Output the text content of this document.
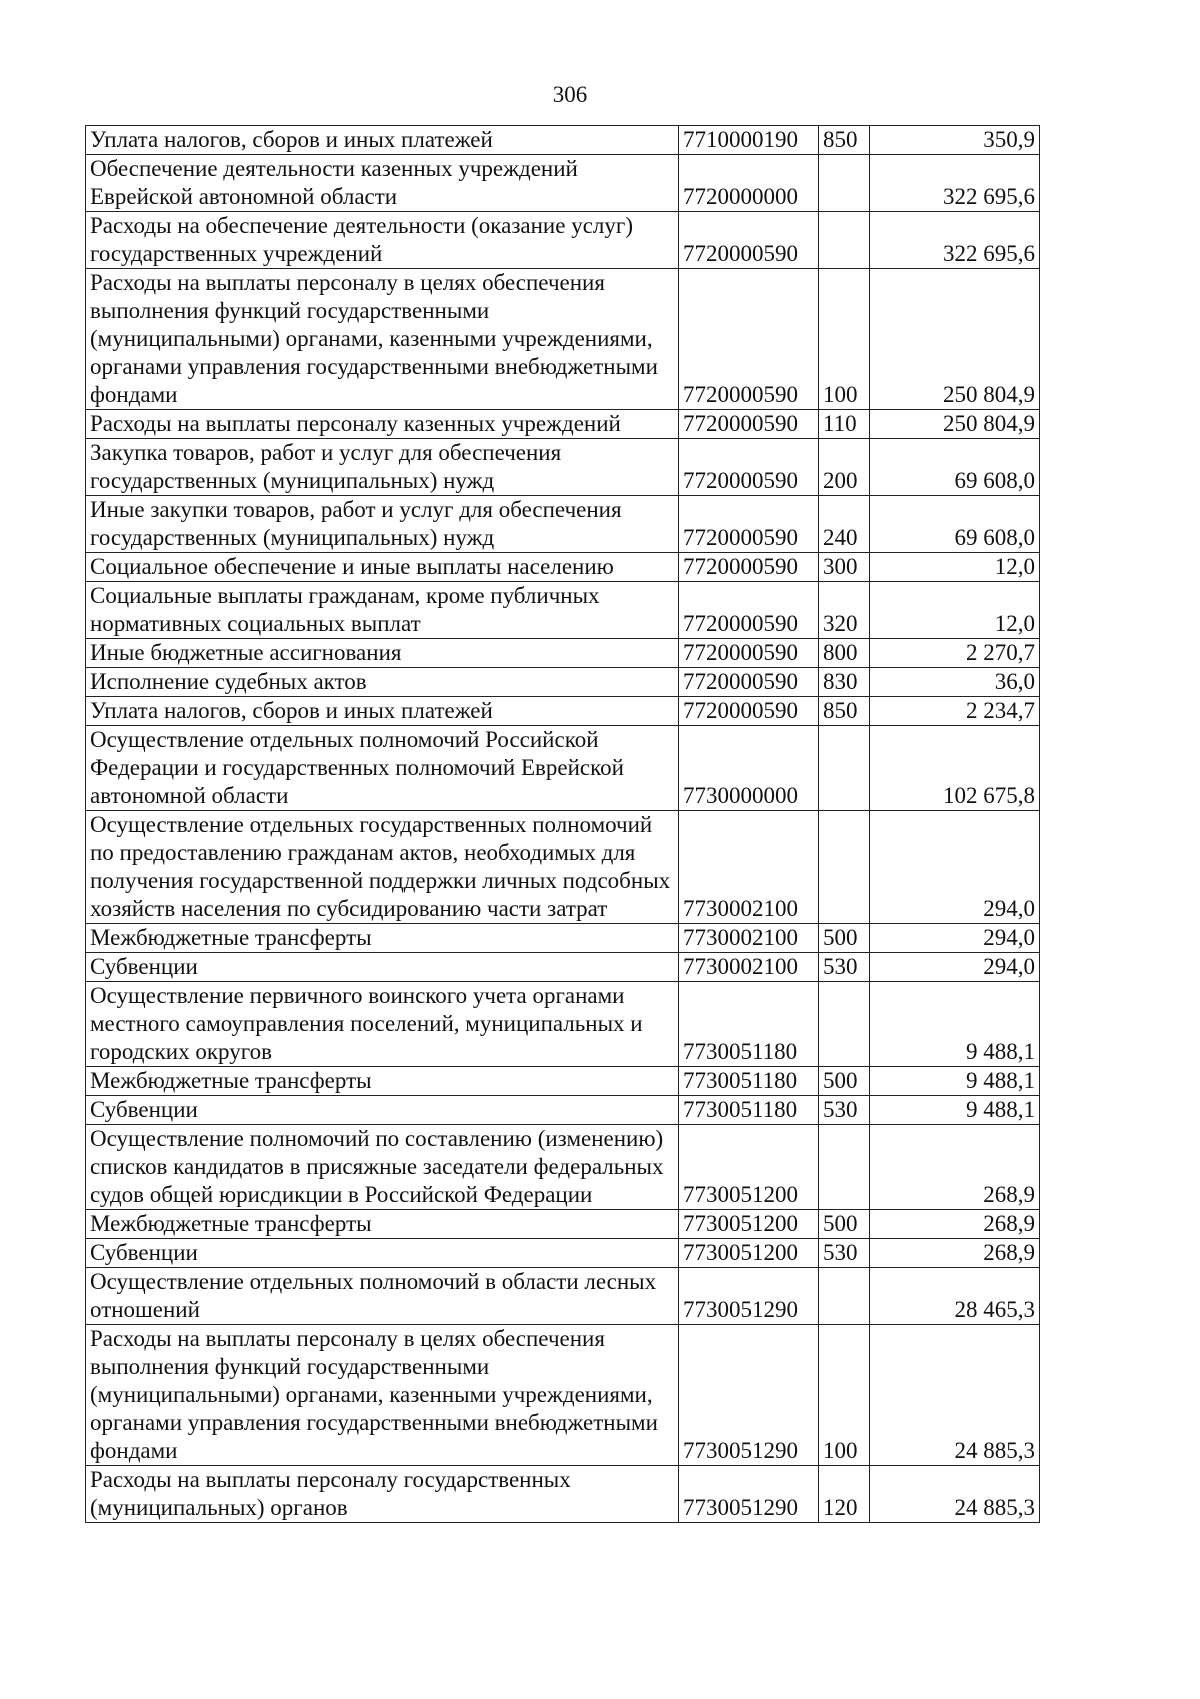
306
Уплата налогов, сборов и иных платежей	7710000190	850	350,9
Обеспечение деятельности казенных учреждений Еврейской автономной области	7720000000		322 695,6
Расходы на обеспечение деятельности (оказание услуг) государственных учреждений	7720000590		322 695,6
Расходы на выплаты персоналу в целях обеспечения выполнения функций государственными (муниципальными) органами, казенными учреждениями, органами управления государственными внебюджетными фондами	7720000590	100	250 804,9
Расходы на выплаты персоналу казенных учреждений	7720000590	110	250 804,9
Закупка товаров, работ и услуг для обеспечения государственных (муниципальных) нужд	7720000590	200	69 608,0
Иные закупки товаров, работ и услуг для обеспечения государственных (муниципальных) нужд	7720000590	240	69 608,0
Социальное обеспечение и иные выплаты населению	7720000590	300	12,0
Социальные выплаты гражданам, кроме публичных нормативных социальных выплат	7720000590	320	12,0
Иные бюджетные ассигнования	7720000590	800	2 270,7
Исполнение судебных актов	7720000590	830	36,0
Уплата налогов, сборов и иных платежей	7720000590	850	2 234,7
Осуществление отдельных полномочий Российской Федерации и государственных полномочий Еврейской автономной области	7730000000		102 675,8
Осуществление отдельных государственных полномочий по предоставлению гражданам актов, необходимых для получения государственной поддержки личных подсобных хозяйств населения по субсидированию части затрат	7730002100		294,0
Межбюджетные трансферты	7730002100	500	294,0
Субвенции	7730002100	530	294,0
Осуществление первичного воинского учета органами местного самоуправления поселений, муниципальных и городских округов	7730051180		9 488,1
Межбюджетные трансферты	7730051180	500	9 488,1
Субвенции	7730051180	530	9 488,1
Осуществление полномочий по составлению (изменению) списков кандидатов в присяжные заседатели федеральных судов общей юрисдикции в Российской Федерации	7730051200		268,9
Межбюджетные трансферты	7730051200	500	268,9
Субвенции	7730051200	530	268,9
Осуществление отдельных полномочий в области лесных отношений	7730051290		28 465,3
Расходы на выплаты персоналу в целях обеспечения выполнения функций государственными (муниципальными) органами, казенными учреждениями, органами управления государственными внебюджетными фондами	7730051290	100	24 885,3
Расходы на выплаты персоналу государственных (муниципальных) органов	7730051290	120	24 885,3
